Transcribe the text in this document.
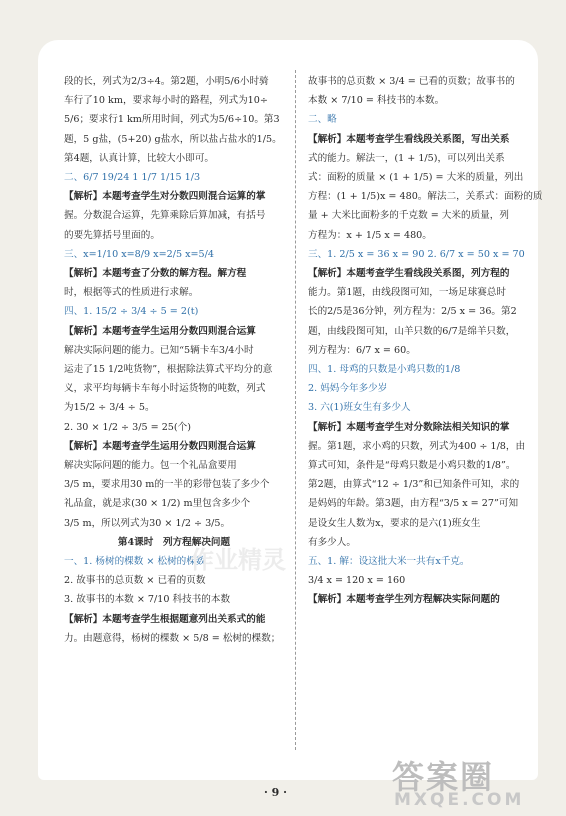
段的长，列式为2/3÷4。第2题，小明5/6小时骑

车行了10 km，要求每小时的路程，列式为10÷

5/6；要求行1 km所用时间，列式为5/6÷10。第3

题，5 g盐，(5+20) g盐水，所以盐占盐水的1/5。

第4题，认真计算，比较大小即可。

二、6/7 19/24 1 1/7 1/15 1/3

【解析】本题考查学生对分数四则混合运算的掌

握。分数混合运算，先算乘除后算加减，有括号

的要先算括号里面的。

三、x=1/10 x=8/9 x=2/5 x=5/4

【解析】本题考查了分数的解方程。解方程

时，根据等式的性质进行求解。

四、1. 15/2 ÷ 3/4 ÷ 5 = 2(t)

【解析】本题考查学生运用分数四则混合运算

解决实际问题的能力。已知“5辆卡车3/4小时

运走了15 1/2吨货物”，根据除法算式平均分的意

义，求平均每辆卡车每小时运货物的吨数，列式

为15/2 ÷ 3/4 ÷ 5。

2. 30 × 1/2 ÷ 3/5 = 25(个)

【解析】本题考查学生运用分数四则混合运算

解决实际问题的能力。包一个礼品盒要用

3/5 m，要求用30 m的一半的彩带包装了多少个

礼品盒，就是求(30 × 1/2) m里包含多少个

3/5 m，所以列式为30 × 1/2 ÷ 3/5。

第4课时　列方程解决问题

一、1. 杨树的棵数 × 松树的棵数

2. 故事书的总页数 × 已看的页数

3. 故事书的本数 × 7/10 科技书的本数

【解析】本题考查学生根据题意列出关系式的能

力。由题意得，杨树的棵数 × 5/8 = 松树的棵数；

故事书的总页数 × 3/4 = 已看的页数；故事书的

本数 × 7/10 = 科技书的本数。

二、略

【解析】本题考查学生看线段关系图，写出关系

式的能力。解法一，(1 + 1/5)，可以列出关系

式：面粉的质量 × (1 + 1/5) = 大米的质量，列出

方程：(1 + 1/5)x = 480。解法二，关系式：面粉的质

量 + 大米比面粉多的千克数 = 大米的质量，列

方程为：x + 1/5 x = 480。

三、1. 2/5 x = 36 x = 90 2. 6/7 x = 50 x = 70

【解析】本题考查学生看线段关系图，列方程的

能力。第1题，由线段图可知，一场足球赛总时

长的2/5是36分钟，列方程为：2/5 x = 36。第2

题，由线段图可知，山羊只数的6/7是绵羊只数，

列方程为：6/7 x = 60。

四、1. 母鸡的只数是小鸡只数的1/8

2. 妈妈今年多少岁

3. 六(1)班女生有多少人

【解析】本题考查学生对分数除法相关知识的掌

握。第1题，求小鸡的只数，列式为400 ÷ 1/8，由

算式可知，条件是“母鸡只数是小鸡只数的1/8”。

第2题，由算式“12 ÷ 1/3”和已知条件可知，求的

是妈妈的年龄。第3题，由方程“3/5 x = 27”可知

是设女生人数为x，要求的是六(1)班女生

有多少人。

五、1. 解：设这批大米一共有x千克。

3/4 x = 120 x = 160

【解析】本题考查学生列方程解决实际问题的

作业精灵
· 9 ·	答案圈
MXQE.COM
